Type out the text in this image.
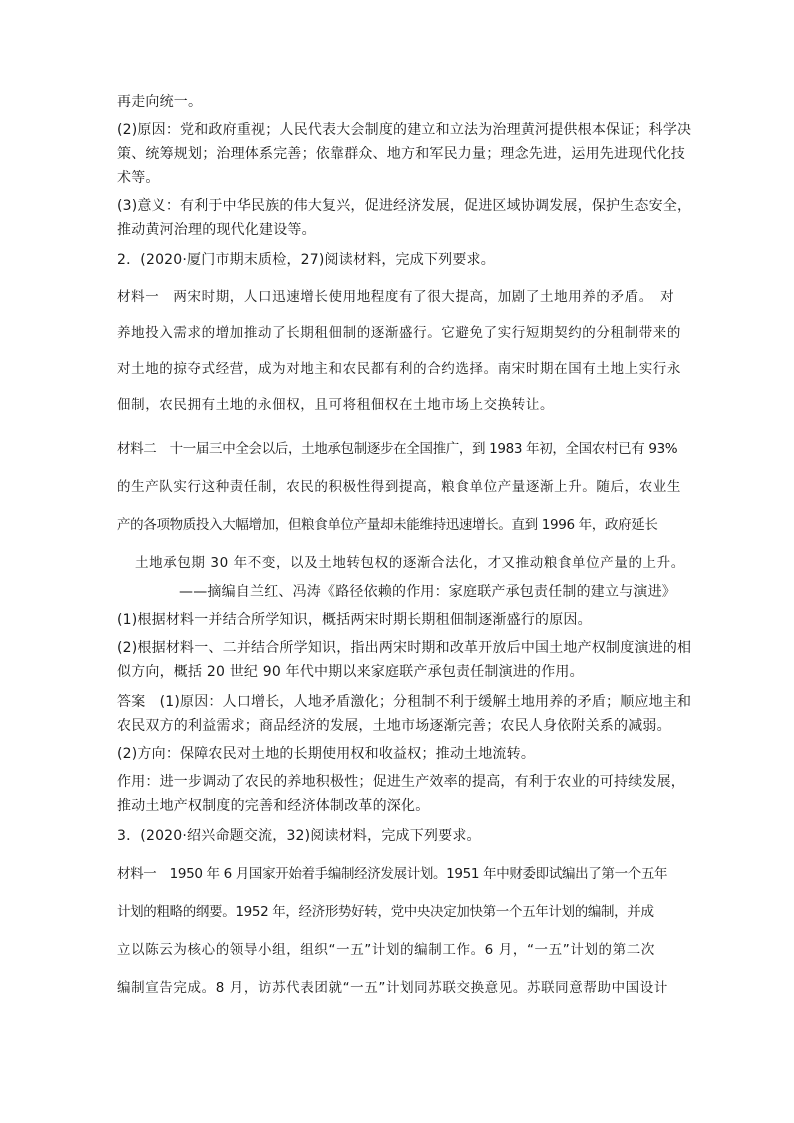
再走向统一。
(2)原因：党和政府重视；人民代表大会制度的建立和立法为治理黄河提供根本保证；科学决
策、统筹规划；治理体系完善；依靠群众、地方和军民力量；理念先进，运用先进现代化技
术等。
(3)意义：有利于中华民族的伟大复兴，促进经济发展，促进区域协调发展，保护生态安全，
推动黄河治理的现代化建设等。
2．(2020·厦门市期末质检，27)阅读材料，完成下列要求。
材料一　两宋时期，人口迅速增长使用地程度有了很大提高，加剧了土地用养的矛盾。　对
养地投入需求的增加推动了长期租佃制的逐渐盛行。它避免了实行短期契约的分租制带来的
对土地的掠夺式经营，成为对地主和农民都有利的合约选择。南宋时期在国有土地上实行永
佃制，农民拥有土地的永佃权，且可将租佃权在土地市场上交换转让。
材料二　十一届三中全会以后，土地承包制逐步在全国推广，到 1983 年初，全国农村已有 93%
的生产队实行这种责任制，农民的积极性得到提高，粮食单位产量逐渐上升。随后，农业生
产的各项物质投入大幅增加，但粮食单位产量却未能维持迅速增长。直到 1996 年，政府延长
土地承包期 30 年不变，以及土地转包权的逐渐合法化，才又推动粮食单位产量的上升。
——摘编自兰红、冯涛《路径依赖的作用：家庭联产承包责任制的建立与演进》
(1)根据材料一并结合所学知识，概括两宋时期长期租佃制逐渐盛行的原因。
(2)根据材料一、二并结合所学知识，指出两宋时期和改革开放后中国土地产权制度演进的相
似方向，概括 20 世纪 90 年代中期以来家庭联产承包责任制演进的作用。
答案　(1)原因：人口增长，人地矛盾激化；分租制不利于缓解土地用养的矛盾；顺应地主和
农民双方的利益需求；商品经济的发展，土地市场逐渐完善；农民人身依附关系的减弱。
(2)方向：保障农民对土地的长期使用权和收益权；推动土地流转。
作用：进一步调动了农民的养地积极性；促进生产效率的提高，有利于农业的可持续发展，
推动土地产权制度的完善和经济体制改革的深化。
3．(2020·绍兴命题交流，32)阅读材料，完成下列要求。
材料一　1950 年 6 月国家开始着手编制经济发展计划。1951 年中财委即试编出了第一个五年
计划的粗略的纲要。1952 年，经济形势好转，党中央决定加快第一个五年计划的编制，并成
立以陈云为核心的领导小组，组织“一五”计划的编制工作。6 月，“一五”计划的第二次
编制宣告完成。8 月，访苏代表团就“一五”计划同苏联交换意见。苏联同意帮助中国设计
